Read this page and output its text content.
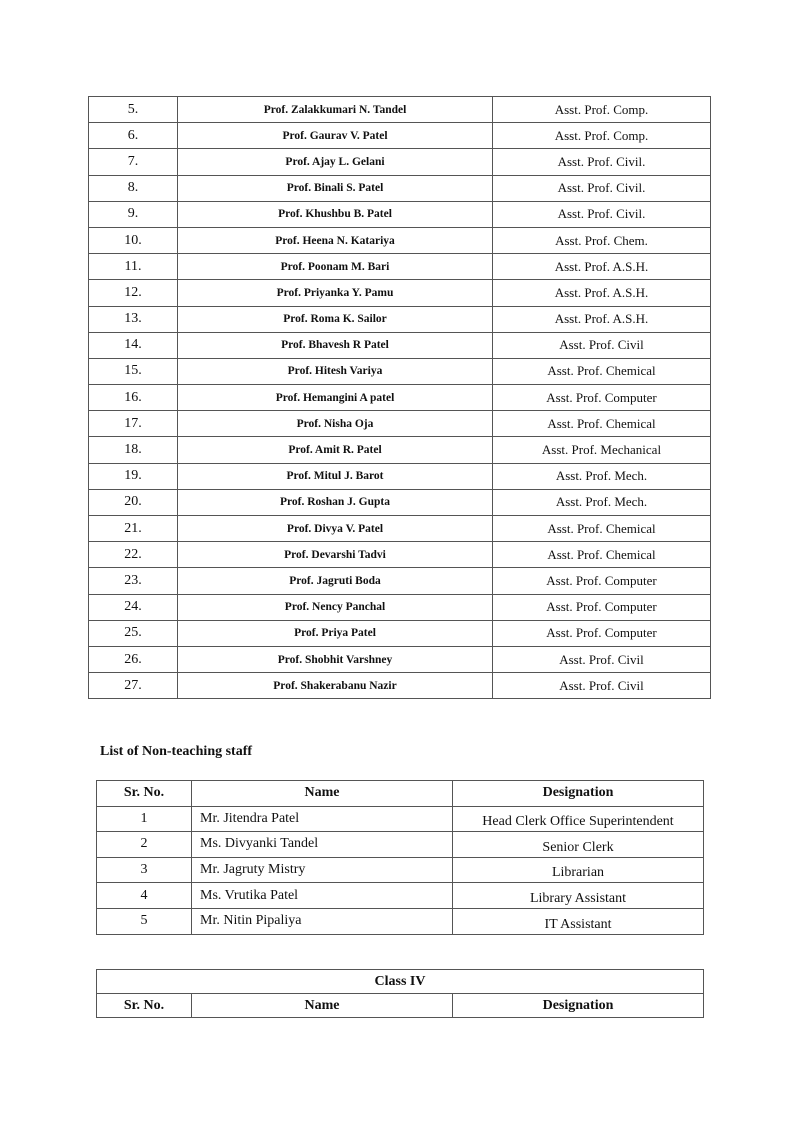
5.	Prof. Zalakkumari N. Tandel	Asst. Prof. Comp.
6.	Prof. Gaurav V. Patel	Asst. Prof. Comp.
7.	Prof. Ajay L. Gelani	Asst. Prof. Civil.
8.	Prof. Binali S. Patel	Asst. Prof. Civil.
9.	Prof. Khushbu B. Patel	Asst. Prof. Civil.
10.	Prof. Heena N. Katariya	Asst. Prof. Chem.
11.	Prof. Poonam M. Bari	Asst. Prof. A.S.H.
12.	Prof. Priyanka Y. Pamu	Asst. Prof. A.S.H.
13.	Prof. Roma K. Sailor	Asst. Prof. A.S.H.
14.	Prof. Bhavesh R Patel	Asst. Prof. Civil
15.	Prof. Hitesh Variya	Asst. Prof. Chemical
16.	Prof. Hemangini A patel	Asst. Prof. Computer
17.	Prof. Nisha Oja	Asst. Prof. Chemical
18.	Prof. Amit R. Patel	Asst. Prof. Mechanical
19.	Prof. Mitul J. Barot	Asst. Prof. Mech.
20.	Prof. Roshan J. Gupta	Asst. Prof. Mech.
21.	Prof. Divya V. Patel	Asst. Prof. Chemical
22.	Prof. Devarshi Tadvi	Asst. Prof. Chemical
23.	Prof. Jagruti Boda	Asst. Prof. Computer
24.	Prof. Nency Panchal	Asst. Prof. Computer
25.	Prof. Priya Patel	Asst. Prof. Computer
26.	Prof. Shobhit Varshney	Asst. Prof. Civil
27.	Prof. Shakerabanu Nazir	Asst. Prof. Civil

List of Non-teaching staff

Sr. No.	Name	Designation
1	Mr. Jitendra Patel	Head Clerk Office Superintendent
2	Ms. Divyanki Tandel	Senior Clerk
3	Mr. Jagruty Mistry	Librarian
4	Ms. Vrutika Patel	Library Assistant
5	Mr. Nitin Pipaliya	IT Assistant
Class IV
Sr. No.	Name	Designation
